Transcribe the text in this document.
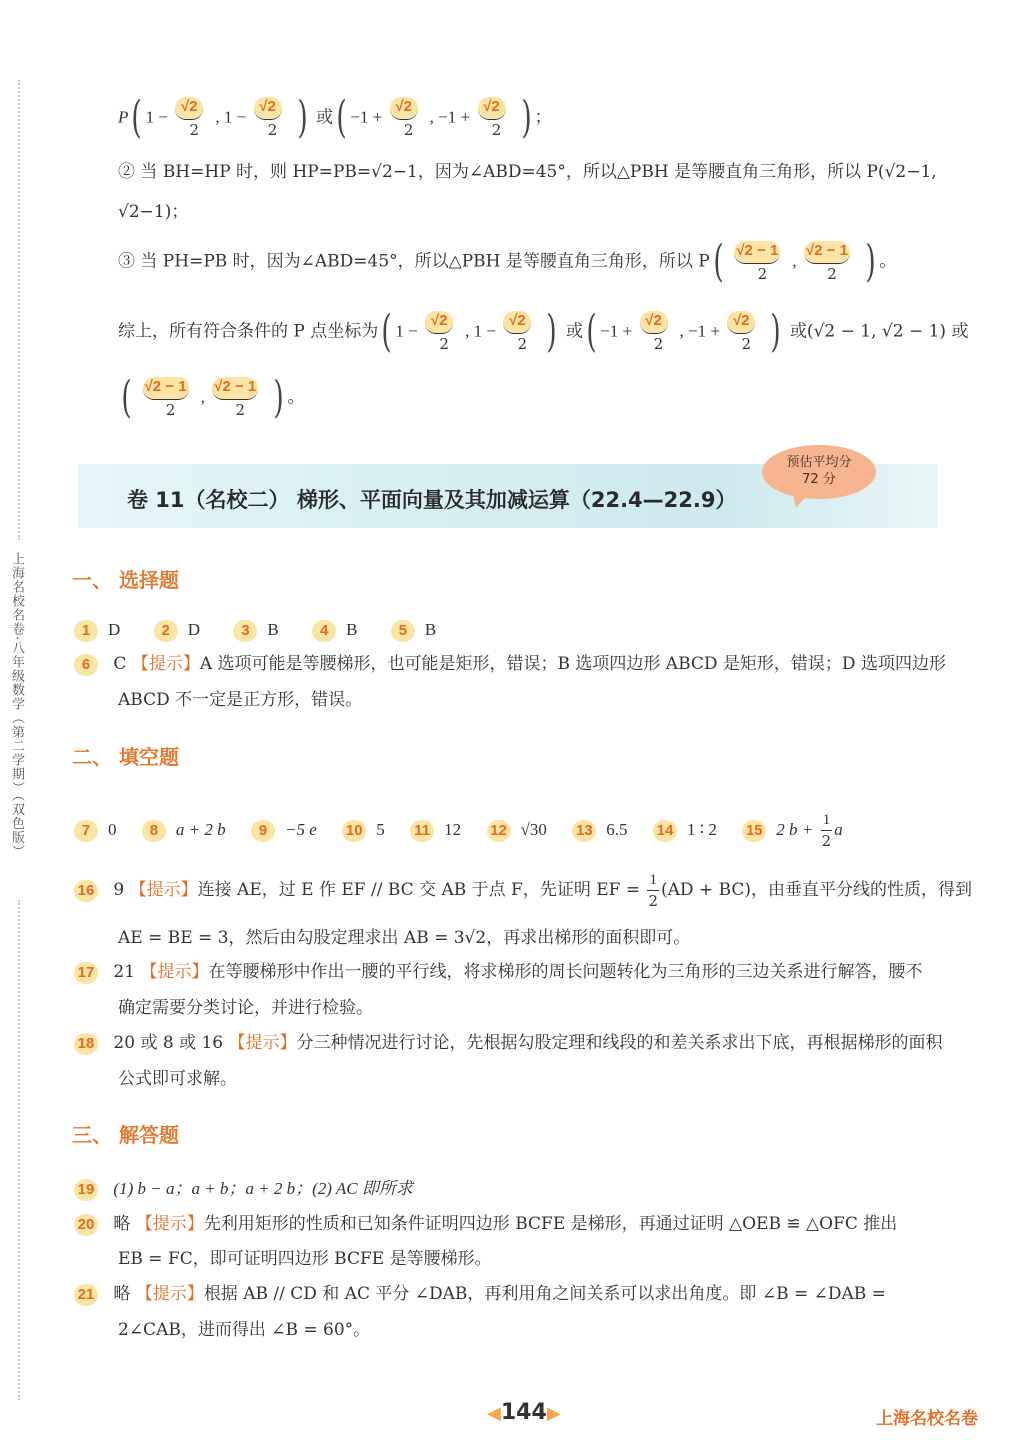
上海名校名卷·八年级数学（第二学期）（双色版）
P( $1 - \frac{√2}{2}$ , $1 - \frac{√2}{2}$ ) 或( $-1 + \frac{√2}{2}$ , $-1 + \frac{√2}{2}$ ) ；
② 当 BH=HP 时，则 HP=PB=√2−1，因为∠ABD=45°，所以△PBH 是等腰直角三角形，所以 P(√2−1,
√2−1)；
③ 当 PH=PB 时，因为∠ABD=45°，所以△PBH 是等腰直角三角形，所以 $P( \frac{√2 - 1}{2}$ , $\frac{√2 - 1}{2}$ ) 。
综上，所有符合条件的 P 点坐标为( $1 - \frac{√2}{2}$ , $1 - \frac{√2}{2}$ ) 或( $-1 + \frac{√2}{2}$ , $-1 + \frac{√2}{2}$ ) 或(√2 − 1, √2 − 1) 或
( $\frac{√2 - 1}{2}$ , $\frac{√2 - 1}{2}$ ) 。
卷 11（名校二） 梯形、平面向量及其加减运算（22.4—22.9）
预估平均分
72 分
一、 选择题
1 D	2 D	3 B	4 B	5 B
6 C 【提示】A 选项可能是等腰梯形，也可能是矩形，错误；B 选项四边形 ABCD 是矩形，错误；D 选项四边形
ABCD 不一定是正方形，错误。
二、 填空题
7 0 8 a + 2 b 9 −5 e 10 5 11 12 12 √30 13 6.5 14 1 ∶ 2 15 2 $b + \frac{1}{2}$ a
16 9 【提示】连接 AE，过 E 作 EF // BC 交 AB 于点 F，先证明 EF = $\frac{1}{2} (AD + BC)$，由垂直平分线的性质，得到
AE = BE = 3，然后由勾股定理求出 AB = 3√2，再求出梯形的面积即可。
17 21 【提示】在等腰梯形中作出一腰的平行线，将求梯形的周长问题转化为三角形的三边关系进行解答，腰不
确定需要分类讨论，并进行检验。
18 20 或 8 或 16 【提示】分三种情况进行讨论，先根据勾股定理和线段的和差关系求出下底，再根据梯形的面积
公式即可求解。
三、 解答题
19 (1) b − a；a + b；a + 2 b；(2) AC 即所求
20 略 【提示】先利用矩形的性质和已知条件证明四边形 BCFE 是梯形，再通过证明 △OEB ≌ △OFC 推出
EB = FC，即可证明四边形 BCFE 是等腰梯形。
21 略 【提示】根据 AB // CD 和 AC 平分 ∠DAB，再利用角之间关系可以求出角度。即 ∠B = ∠DAB =
2∠CAB，进而得出 ∠B = 60°。
◀144▶	上海名校名卷
